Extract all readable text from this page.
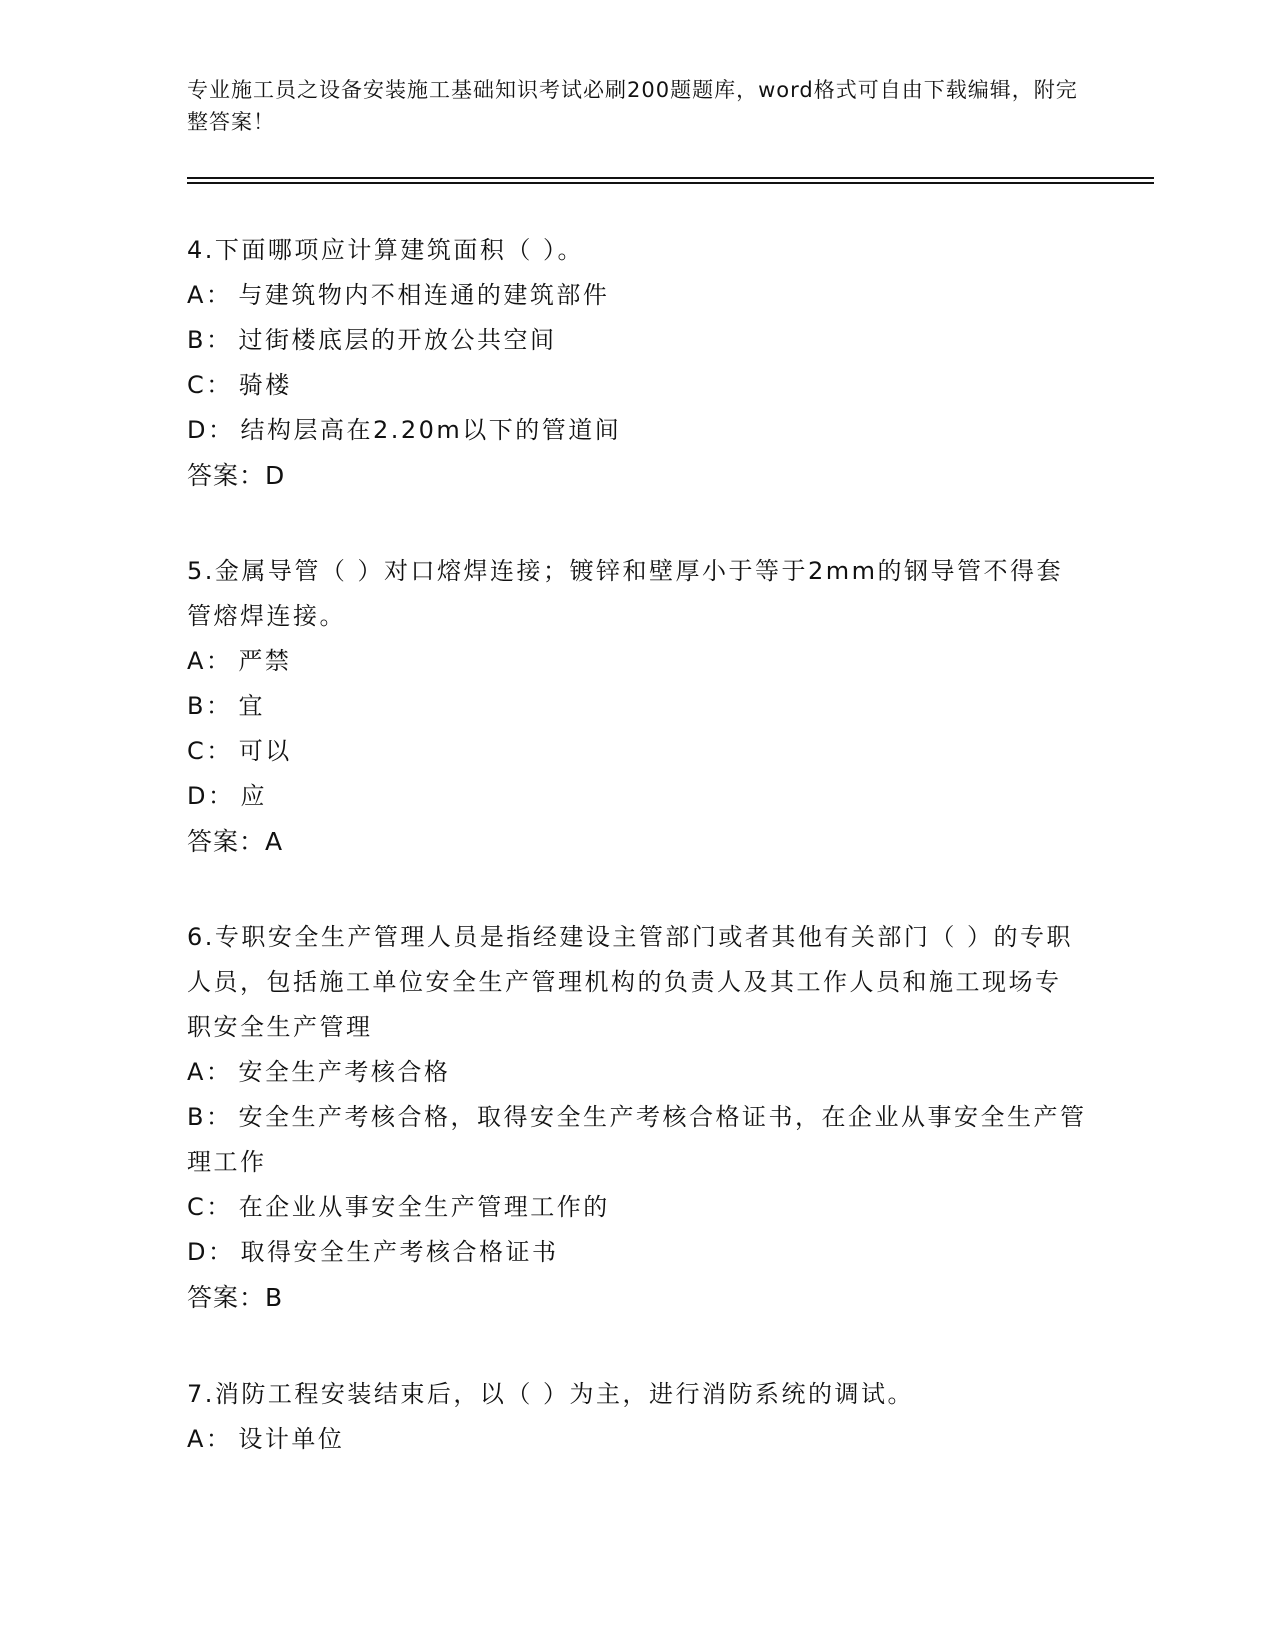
专业施工员之设备安装施工基础知识考试必刷200题题库，word格式可自由下载编辑，附完整答案！

4.下面哪项应计算建筑面积（ ）。

A： 与建筑物内不相连通的建筑部件

B： 过街楼底层的开放公共空间

C： 骑楼

D： 结构层高在2.20m以下的管道间

答案：D

5.金属导管（ ）对口熔焊连接；镀锌和壁厚小于等于2mm的钢导管不得套管熔焊连接。

A： 严禁

B： 宜

C： 可以

D： 应

答案：A

6.专职安全生产管理人员是指经建设主管部门或者其他有关部门（ ）的专职人员，包括施工单位安全生产管理机构的负责人及其工作人员和施工现场专职安全生产管理

A： 安全生产考核合格

B： 安全生产考核合格，取得安全生产考核合格证书，在企业从事安全生产管理工作

C： 在企业从事安全生产管理工作的

D： 取得安全生产考核合格证书

答案：B

7.消防工程安装结束后，以（ ）为主，进行消防系统的调试。

A： 设计单位
